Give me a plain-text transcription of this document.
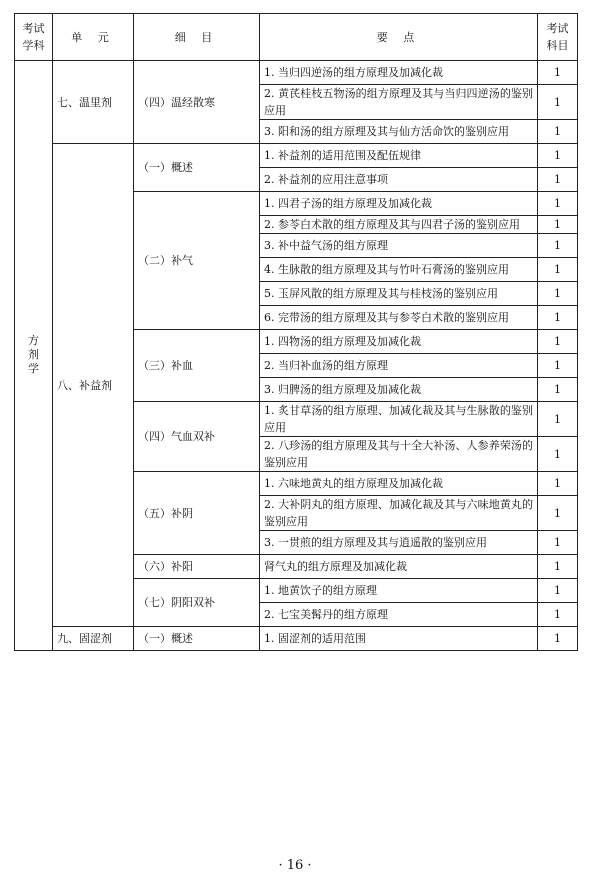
考试学科	单 元	细 目	要 点	考试科目
方剂学	七、温里剂	（四）温经散寒	1. 当归四逆汤的组方原理及加减化裁	1
			2. 黄芪桂枝五物汤的组方原理及其与当归四逆汤的鉴别应用	1
			3. 阳和汤的组方原理及其与仙方活命饮的鉴别应用	1
	八、补益剂	（一）概述	1. 补益剂的适用范围及配伍规律	1
			2. 补益剂的应用注意事项	1
		（二）补气	1. 四君子汤的组方原理及加减化裁	1
			2. 参苓白术散的组方原理及其与四君子汤的鉴别应用	1
			3. 补中益气汤的组方原理	1
			4. 生脉散的组方原理及其与竹叶石膏汤的鉴别应用	1
			5. 玉屏风散的组方原理及其与桂枝汤的鉴别应用	1
			6. 完带汤的组方原理及其与参苓白术散的鉴别应用	1
		（三）补血	1. 四物汤的组方原理及加减化裁	1
			2. 当归补血汤的组方原理	1
			3. 归脾汤的组方原理及加减化裁	1
		（四）气血双补	1. 炙甘草汤的组方原理、加减化裁及其与生脉散的鉴别应用	1
			2. 八珍汤的组方原理及其与十全大补汤、人参养荣汤的鉴别应用	1
		（五）补阴	1. 六味地黄丸的组方原理及加减化裁	1
			2. 大补阴丸的组方原理、加减化裁及其与六味地黄丸的鉴别应用	1
			3. 一贯煎的组方原理及其与逍遥散的鉴别应用	1
		（六）补阳	肾气丸的组方原理及加减化裁	1
		（七）阴阳双补	1. 地黄饮子的组方原理	1
			2. 七宝美髯丹的组方原理	1
	九、固涩剂	（一）概述	1. 固涩剂的适用范围	1
· 16 ·
